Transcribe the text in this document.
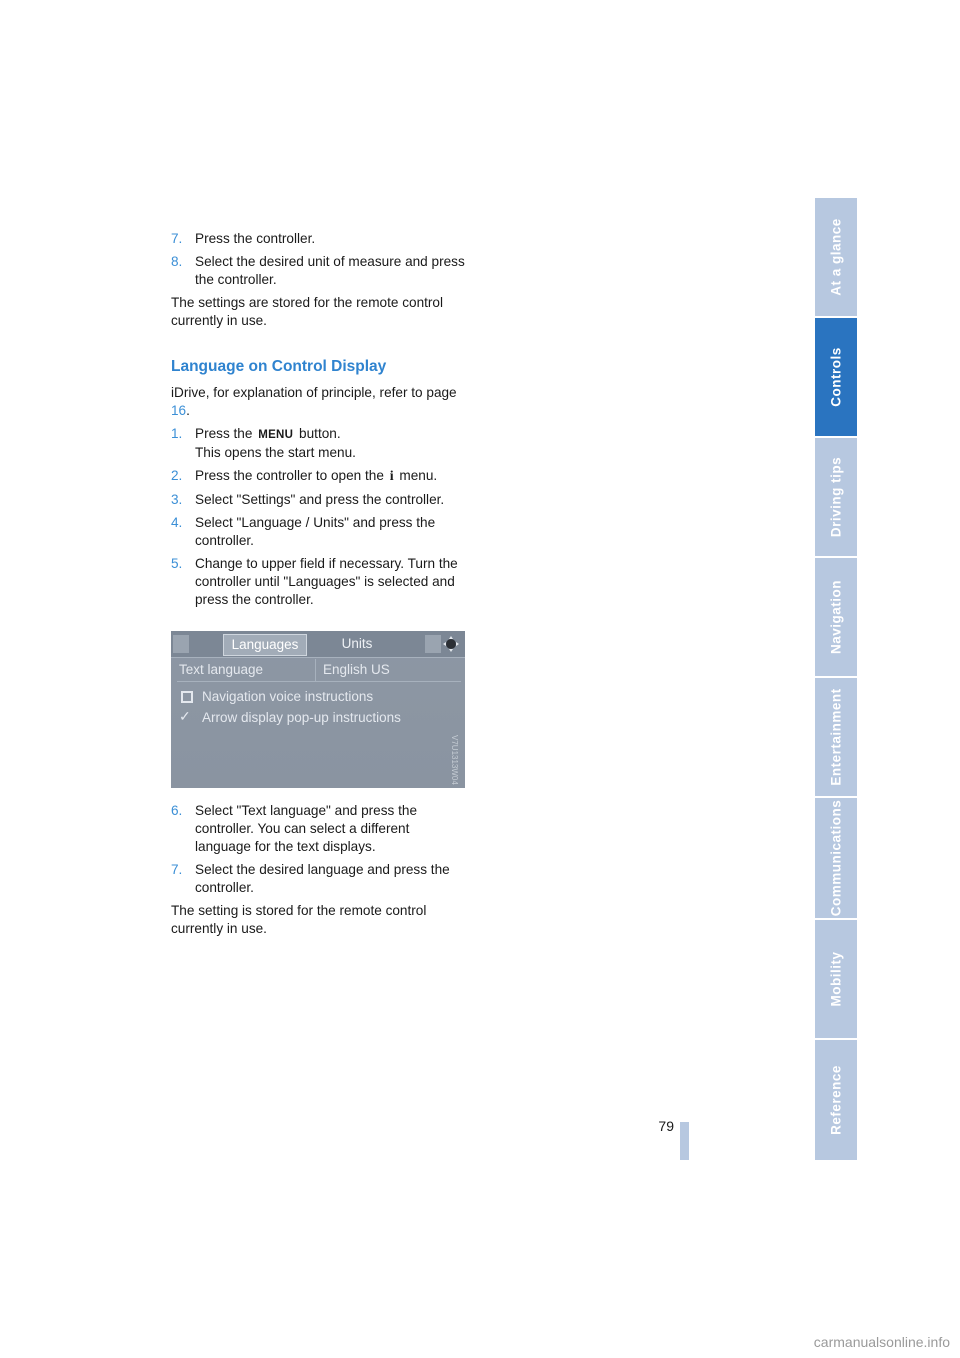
7. Press the controller.
8. Select the desired unit of measure and press the controller.

The settings are stored for the remote control currently in use.

Language on Control Display

iDrive, for explanation of principle, refer to page 16.

1. Press the MENU button.
This opens the start menu.
2. Press the controller to open the i menu.
3. Select "Settings" and press the controller.
4. Select "Language / Units" and press the controller.
5. Change to upper field if necessary. Turn the controller until "Languages" is selected and press the controller.
Languages	Units
Text language	English US
Navigation voice instructions
✓ Arrow display pop-up instructions
V7U1313W04
6. Select "Text language" and press the controller. You can select a different language for the text displays.
7. Select the desired language and press the controller.

The setting is stored for the remote control currently in use.

At a glance
Controls
Driving tips
Navigation
Entertainment
Communications
Mobility
Reference
79
carmanualsonline.info
